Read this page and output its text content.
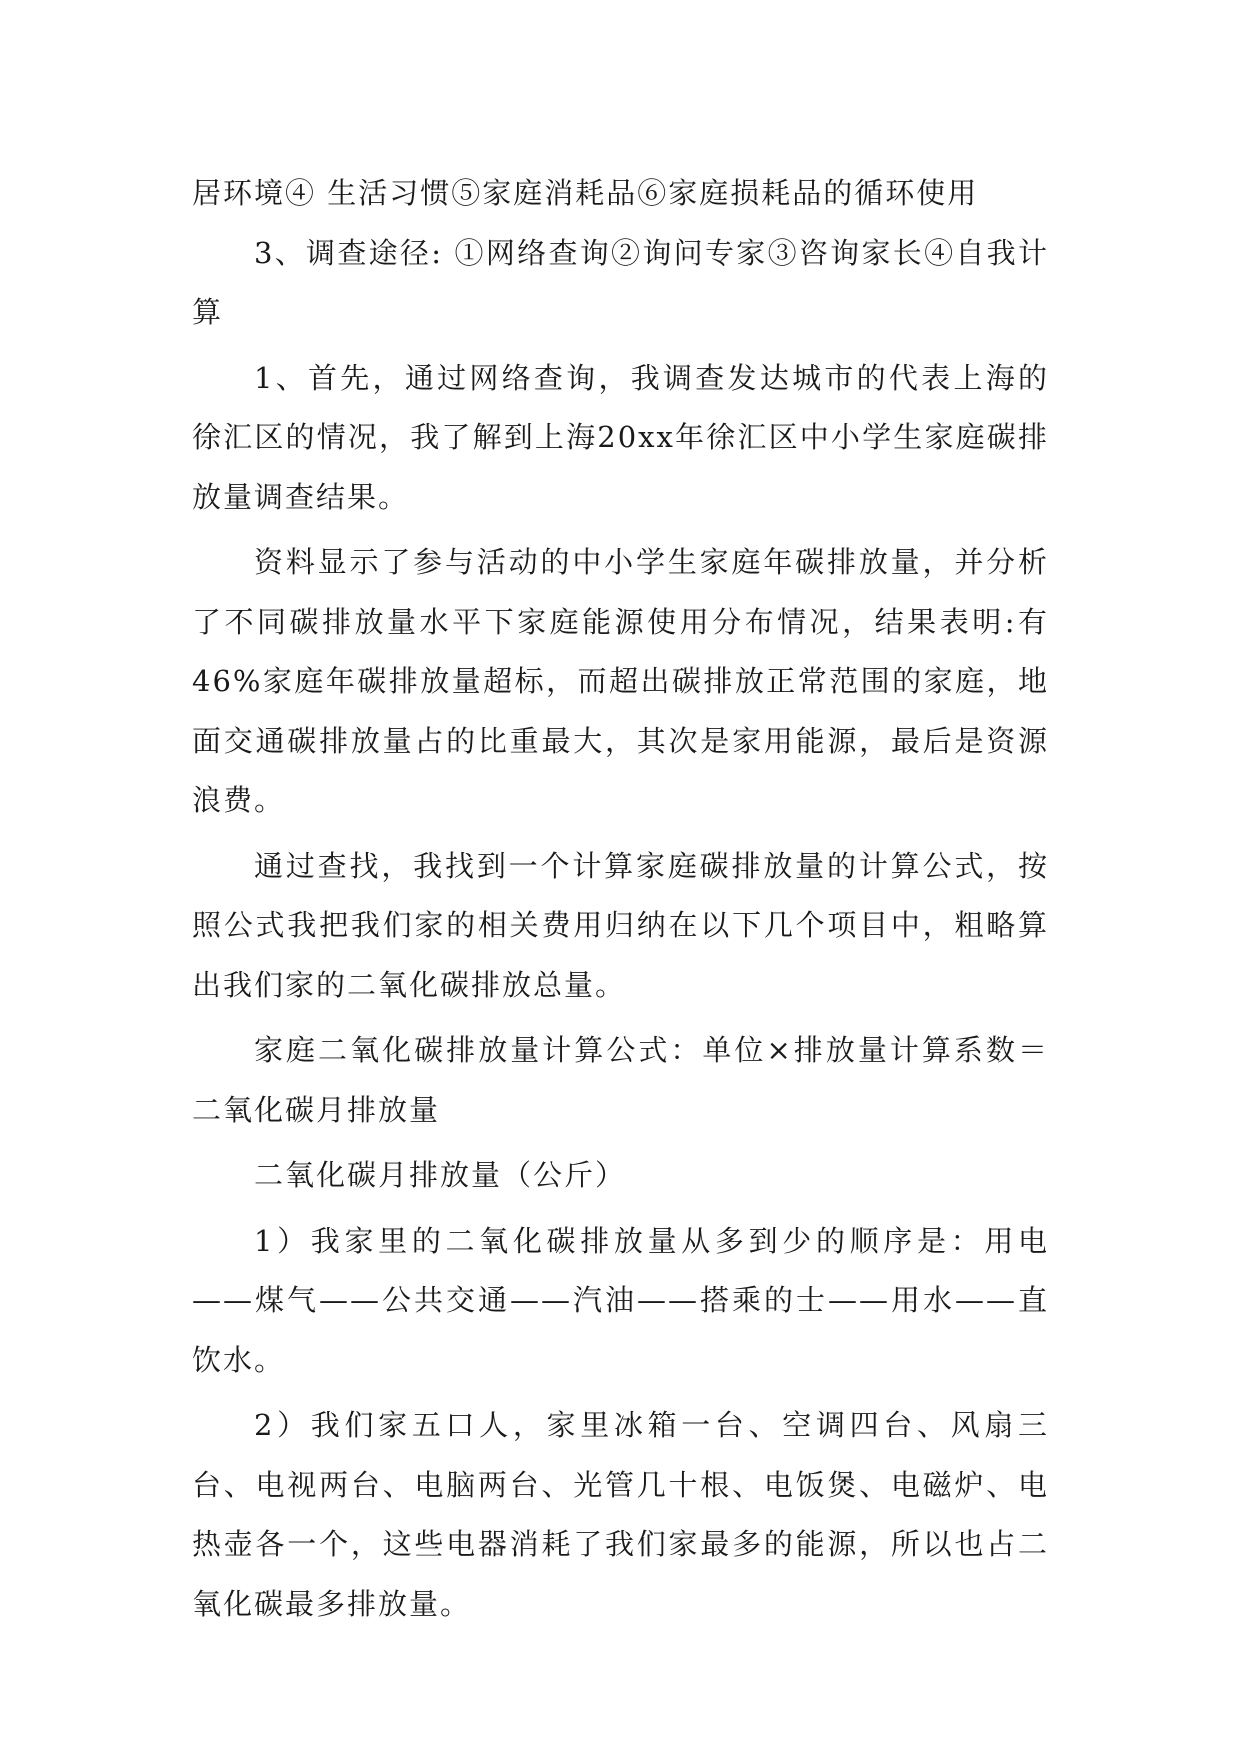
居环境④ 生活习惯⑤家庭消耗品⑥家庭损耗品的循环使用

3、调查途径: ①网络查询②询问专家③咨询家长④自我计算

1、首先，通过网络查询，我调查发达城市的代表上海的徐汇区的情况，我了解到上海20xx年徐汇区中小学生家庭碳排放量调查结果。

资料显示了参与活动的中小学生家庭年碳排放量，并分析了不同碳排放量水平下家庭能源使用分布情况，结果表明:有46%家庭年碳排放量超标，而超出碳排放正常范围的家庭，地面交通碳排放量占的比重最大，其次是家用能源，最后是资源浪费。

通过查找，我找到一个计算家庭碳排放量的计算公式，按照公式我把我们家的相关费用归纳在以下几个项目中，粗略算出我们家的二氧化碳排放总量。

家庭二氧化碳排放量计算公式：单位×排放量计算系数＝二氧化碳月排放量

二氧化碳月排放量（公斤）

1）我家里的二氧化碳排放量从多到少的顺序是：用电——煤气——公共交通——汽油——搭乘的士——用水——直饮水。

2）我们家五口人，家里冰箱一台、空调四台、风扇三台、电视两台、电脑两台、光管几十根、电饭煲、电磁炉、电热壶各一个，这些电器消耗了我们家最多的能源，所以也占二氧化碳最多排放量。
